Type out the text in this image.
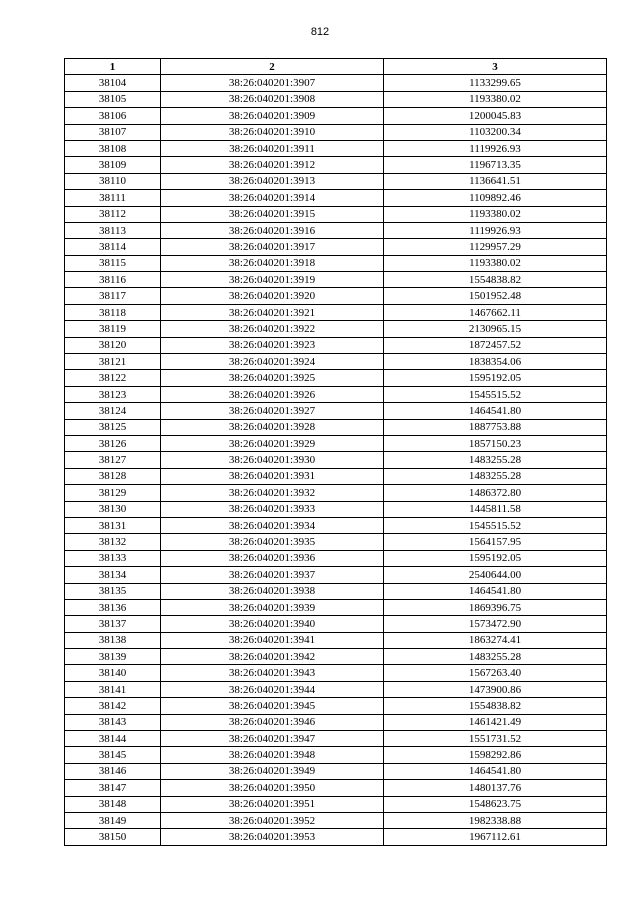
812
1	2	3
38104	38:26:040201:3907	1133299.65
38105	38:26:040201:3908	1193380.02
38106	38:26:040201:3909	1200045.83
38107	38:26:040201:3910	1103200.34
38108	38:26:040201:3911	1119926.93
38109	38:26:040201:3912	1196713.35
38110	38:26:040201:3913	1136641.51
38111	38:26:040201:3914	1109892.46
38112	38:26:040201:3915	1193380.02
38113	38:26:040201:3916	1119926.93
38114	38:26:040201:3917	1129957.29
38115	38:26:040201:3918	1193380.02
38116	38:26:040201:3919	1554838.82
38117	38:26:040201:3920	1501952.48
38118	38:26:040201:3921	1467662.11
38119	38:26:040201:3922	2130965.15
38120	38:26:040201:3923	1872457.52
38121	38:26:040201:3924	1838354.06
38122	38:26:040201:3925	1595192.05
38123	38:26:040201:3926	1545515.52
38124	38:26:040201:3927	1464541.80
38125	38:26:040201:3928	1887753.88
38126	38:26:040201:3929	1857150.23
38127	38:26:040201:3930	1483255.28
38128	38:26:040201:3931	1483255.28
38129	38:26:040201:3932	1486372.80
38130	38:26:040201:3933	1445811.58
38131	38:26:040201:3934	1545515.52
38132	38:26:040201:3935	1564157.95
38133	38:26:040201:3936	1595192.05
38134	38:26:040201:3937	2540644.00
38135	38:26:040201:3938	1464541.80
38136	38:26:040201:3939	1869396.75
38137	38:26:040201:3940	1573472.90
38138	38:26:040201:3941	1863274.41
38139	38:26:040201:3942	1483255.28
38140	38:26:040201:3943	1567263.40
38141	38:26:040201:3944	1473900.86
38142	38:26:040201:3945	1554838.82
38143	38:26:040201:3946	1461421.49
38144	38:26:040201:3947	1551731.52
38145	38:26:040201:3948	1598292.86
38146	38:26:040201:3949	1464541.80
38147	38:26:040201:3950	1480137.76
38148	38:26:040201:3951	1548623.75
38149	38:26:040201:3952	1982338.88
38150	38:26:040201:3953	1967112.61
